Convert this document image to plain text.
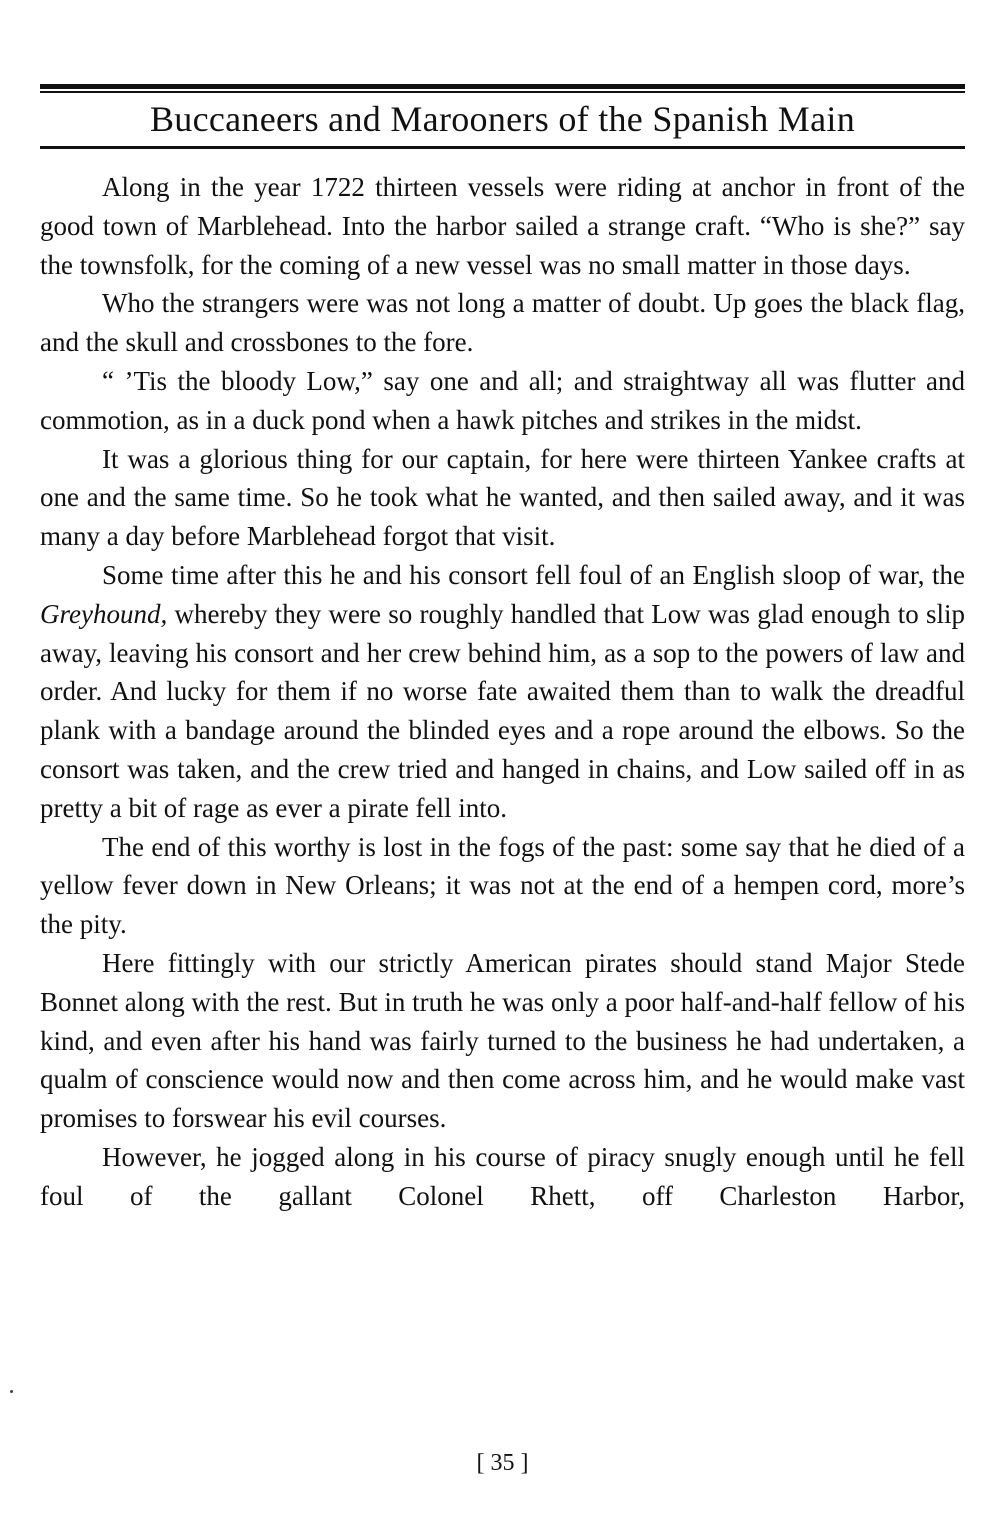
Buccaneers and Marooners of the Spanish Main

Along in the year 1722 thirteen vessels were riding at anchor in front of the good town of Marblehead. Into the harbor sailed a strange craft. “Who is she?” say the townsfolk, for the coming of a new vessel was no small matter in those days.

Who the strangers were was not long a matter of doubt. Up goes the black flag, and the skull and crossbones to the fore.

“ ’Tis the bloody Low,” say one and all; and straightway all was flutter and commotion, as in a duck pond when a hawk pitches and strikes in the midst.

It was a glorious thing for our captain, for here were thirteen Yankee crafts at one and the same time. So he took what he wanted, and then sailed away, and it was many a day before Marblehead forgot that visit.

Some time after this he and his consort fell foul of an English sloop of war, the Greyhound, whereby they were so roughly handled that Low was glad enough to slip away, leaving his consort and her crew behind him, as a sop to the powers of law and order. And lucky for them if no worse fate awaited them than to walk the dreadful plank with a bandage around the blinded eyes and a rope around the elbows. So the consort was taken, and the crew tried and hanged in chains, and Low sailed off in as pretty a bit of rage as ever a pirate fell into.

The end of this worthy is lost in the fogs of the past: some say that he died of a yellow fever down in New Orleans; it was not at the end of a hempen cord, more’s the pity.

Here fittingly with our strictly American pirates should stand Major Stede Bonnet along with the rest. But in truth he was only a poor half-and-half fellow of his kind, and even after his hand was fairly turned to the business he had undertaken, a qualm of conscience would now and then come across him, and he would make vast promises to forswear his evil courses.

However, he jogged along in his course of piracy snugly enough until he fell foul of the gallant Colonel Rhett, off Charleston Harbor,

[ 35 ]
